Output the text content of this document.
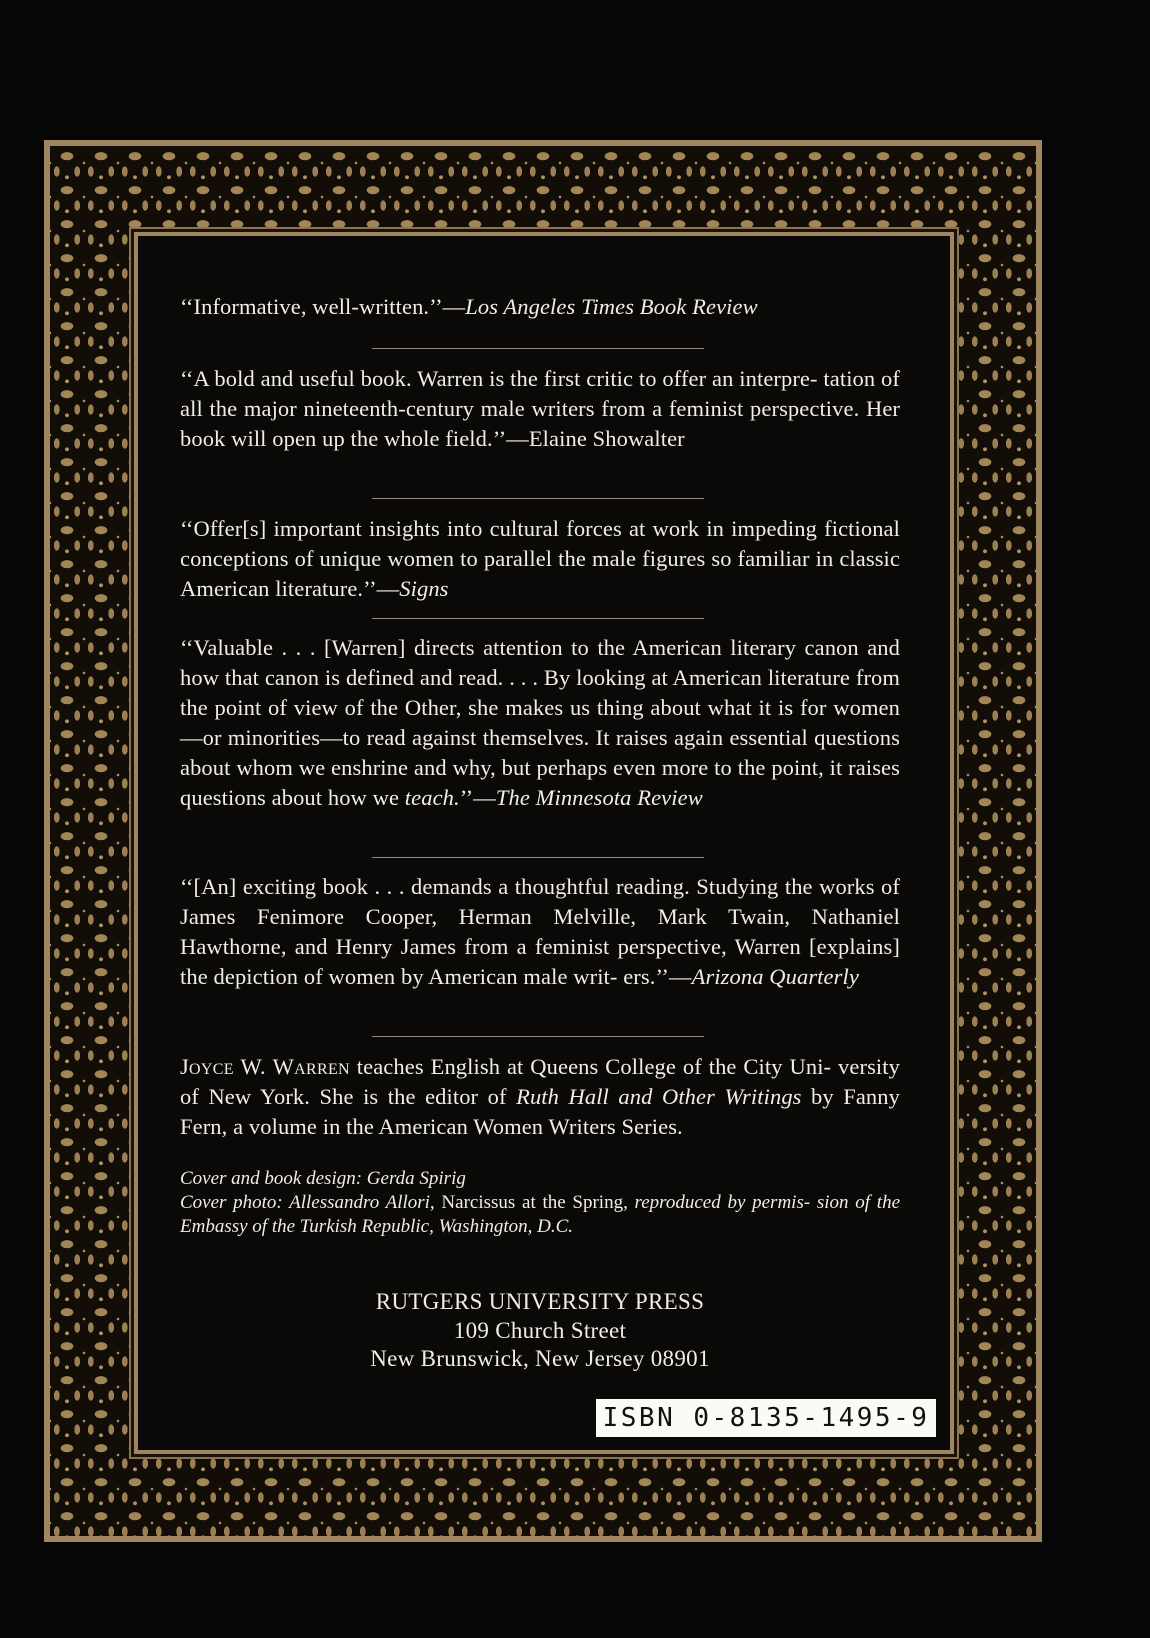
‘‘Informative, well-written.’’—Los Angeles Times Book Review
‘‘A bold and useful book. Warren is the first critic to offer an interpre- tation of all the major nineteenth-century male writers from a feminist perspective. Her book will open up the whole field.’’—Elaine Showalter
‘‘Offer[s] important insights into cultural forces at work in impeding fictional conceptions of unique women to parallel the male figures so familiar in classic American literature.’’—Signs
‘‘Valuable . . . [Warren] directs attention to the American literary canon and how that canon is defined and read. . . . By looking at American literature from the point of view of the Other, she makes us thing about what it is for women—or minorities—to read against themselves. It raises again essential questions about whom we enshrine and why, but perhaps even more to the point, it raises questions about how we teach.’’—The Minnesota Review
‘‘[An] exciting book . . . demands a thoughtful reading. Studying the works of James Fenimore Cooper, Herman Melville, Mark Twain, Nathaniel Hawthorne, and Henry James from a feminist perspective, Warren [explains] the depiction of women by American male writ- ers.’’—Arizona Quarterly
Joyce W. Warren teaches English at Queens College of the City Uni- versity of New York. She is the editor of Ruth Hall and Other Writings by Fanny Fern, a volume in the American Women Writers Series.
Cover and book design: Gerda Spirig
Cover photo: Allessandro Allori, Narcissus at the Spring, reproduced by permis- sion of the Embassy of the Turkish Republic, Washington, D.C.
RUTGERS UNIVERSITY PRESS
109 Church Street
New Brunswick, New Jersey 08901
ISBN 0-8135-1495-9
